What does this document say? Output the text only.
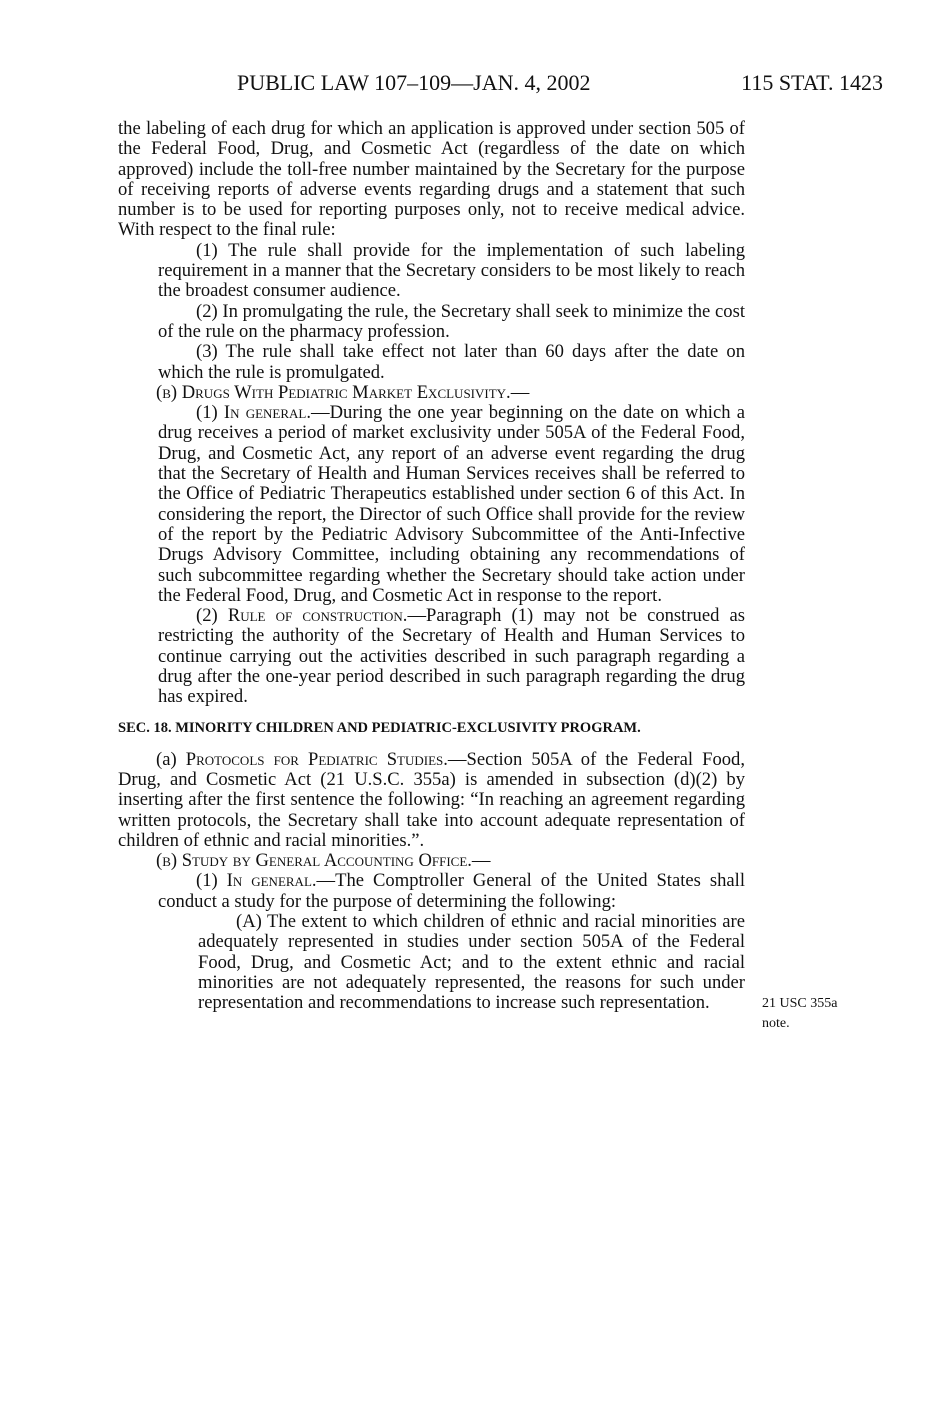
PUBLIC LAW 107–109—JAN. 4, 2002	115 STAT. 1423

the labeling of each drug for which an application is approved under section 505 of the Federal Food, Drug, and Cosmetic Act (regardless of the date on which approved) include the toll-free number maintained by the Secretary for the purpose of receiving reports of adverse events regarding drugs and a statement that such number is to be used for reporting purposes only, not to receive medical advice. With respect to the final rule:

(1) The rule shall provide for the implementation of such labeling requirement in a manner that the Secretary considers to be most likely to reach the broadest consumer audience.

(2) In promulgating the rule, the Secretary shall seek to minimize the cost of the rule on the pharmacy profession.

(3) The rule shall take effect not later than 60 days after the date on which the rule is promulgated.

(b) Drugs With Pediatric Market Exclusivity.—

(1) In general.—During the one year beginning on the date on which a drug receives a period of market exclusivity under 505A of the Federal Food, Drug, and Cosmetic Act, any report of an adverse event regarding the drug that the Secretary of Health and Human Services receives shall be referred to the Office of Pediatric Therapeutics established under section 6 of this Act. In considering the report, the Director of such Office shall provide for the review of the report by the Pediatric Advisory Subcommittee of the Anti-Infective Drugs Advisory Committee, including obtaining any recommendations of such subcommittee regarding whether the Secretary should take action under the Federal Food, Drug, and Cosmetic Act in response to the report.

(2) Rule of construction.—Paragraph (1) may not be construed as restricting the authority of the Secretary of Health and Human Services to continue carrying out the activities described in such paragraph regarding a drug after the one-year period described in such paragraph regarding the drug has expired.

SEC. 18. MINORITY CHILDREN AND PEDIATRIC-EXCLUSIVITY PROGRAM.

(a) Protocols for Pediatric Studies.—Section 505A of the Federal Food, Drug, and Cosmetic Act (21 U.S.C. 355a) is amended in subsection (d)(2) by inserting after the first sentence the following: “In reaching an agreement regarding written protocols, the Secretary shall take into account adequate representation of children of ethnic and racial minorities.”.

(b) Study by General Accounting Office.—

(1) In general.—The Comptroller General of the United States shall conduct a study for the purpose of determining the following:

(A) The extent to which children of ethnic and racial minorities are adequately represented in studies under section 505A of the Federal Food, Drug, and Cosmetic Act; and to the extent ethnic and racial minorities are not adequately represented, the reasons for such under representation and recommendations to increase such representation.	21 USC 355a
note.
